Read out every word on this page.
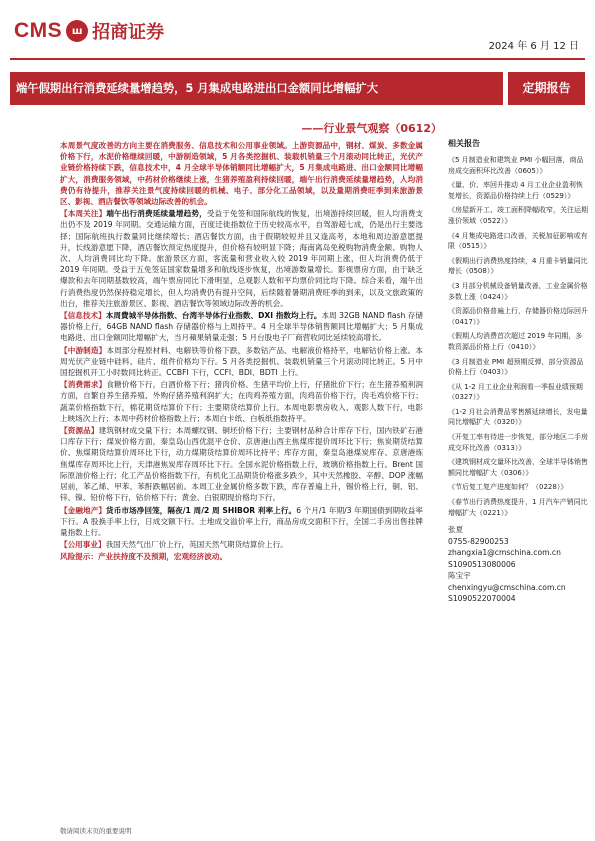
CMS ш 招商证券
2024 年 6 月 12 日
端午假期出行消费延续量增趋势，5 月集成电路进出口金额同比增幅扩大	定期报告
——行业景气观察（0612）

本周景气度改善的方向主要在消费服务、信息技术和公用事业领域。上游资源品中，钢材、煤炭、多数金属价格下行，水泥价格继续回暖，中游制造领域，5 月各类挖掘机、装载机销量三个月滚动同比转正，光伏产业链价格持续下跌，信息技术中，4 月全球半导体销额同比增幅扩大，5 月集成电路进、出口金额同比增幅扩大，消费服务领域，中药材价格继续上涨，生猪养殖盈利持续回暖，端午出行消费延续量增趋势，人均消费仍有待提升，推荐关注景气度持续回暖的机械、电子、部分化工品领域，以及量期消费旺季到来旅游景区、影视、酒店餐饮等领域边际改善的机会。

【本周关注】端午出行消费延续量增趋势，受益于免签和国际航线的恢复，出境游持续回暖，但人均消费支出仍不及 2019 年同期。交通运输方面，百度迁徙指数位于历史较高水平，自驾游超七成，仍是出行主要选择；国际航班执行数量同比继续增长；酒店餐饮方面，由于假期较短并且又逢高考，本地和周边游意愿提升，长线游意愿下降，酒店餐饮预定热度提升，但价格有较明显下降；海南离岛免税购物消费金额、购物人次、人均消费同比均下降。旅游景区方面，客流量和营业收入较 2019 年同期上涨，但人均消费仍低于 2019 年同期。受益于五免签证国家数量增多和航线逐步恢复，出境游数量增长。影视票房方面，由于缺乏爆款和去年同期基数较高，端午票房同比下滑明显，总观影人数和平均票价同比均下降。综合来看，端午出行消费热度仍然保持稳定增长，但人均消费仍有提升空间，后续随着暑期消费旺季的到来，以及文旅政策的出台，推荐关注旅游景区、影视、酒店餐饮等领域边际改善的机会。

【信息技术】本周費城半导体指数、台湾半导体行业指数、DXI 指数均上行。本周 32GB NAND flash 存储器价格上行，64GB NAND flash 存储器价格与上周持平。4 月全球半导体销售额同比增幅扩大；5 月集成电路进、出口金额同比增幅扩大，当月蘋果销量走强；5 月台股电子厂商营收同比延续较高增长。

【中游制造】本周部分程原材料、电解铁等价格下跌，多数钴产品、电解液价格持平，电解钴价格上涨。本周光伏产业链中硅料、硅片、组件价格均下行。5 月各类挖掘机、装载机销量三个月滚动同比转正。5 月中国挖掘机开工小时数同比转正。CCBFI 下行，CCFI、BDI、BDTI 上行。

【消费需求】食糖价格下行，白酒价格下行；猪肉价格、生猪平均价上行，仔猪批价下行；在生猪养殖利润方面，自繁自养生猪养殖、外购仔猪养殖利润扩大；在肉鸡养殖方面，肉鸡苗价格下行，肉毛鸡价格下行；蔬菜价格指数下行，棉花期货结算价下行；主要期货结算价上行。本周电影票房收入、观影人数下行，电影上映场次上行；本周中药材价格指数上行；本周白卡纸、白板纸指数持平。

【资源品】建筑钢材成交量下行；本周螺纹钢、铜坯价格下行；主要钢材品种合计库存下行，国内铁矿石港口库存下行；煤炭价格方面，秦皇岛山西优混平仓价、京唐港山西主焦煤库提价周环比下行；焦炭期货结算价、焦煤期货结算价周环比下行，动力煤期货结算价周环比持平；库存方面，秦皇岛港煤炭库存、京唐港炼焦煤库存周环比上行，天津港焦炭库存周环比下行。全国水泥价格指数上行，玻璃价格指数上行。Brent 国际原油价格上行；化工产品价格指数下行，有机化工品期货价格涨多跌少，其中天然橡胶、辛醇、DOP 涨幅居前，苯乙烯、甲苯、苯酐跌幅居前。本周工业金属价格多数下跌，库存普遍上升，锡价格上行，铜、铝、锌、镍、铅价格下行，钴价格下行；黄金、白银期现价格均下行。

【金融地产】货币市场净回笼，隔夜/1 周/2 周 SHIBOR 利率上行。6 个月/1 年期/3 年期国债到期收益率下行。A 股换手率上行，日成交额下行。土地成交溢价率上行，商品房成交面积下行，全国二手房出售挂牌量指数上行。

【公用事业】我国天然气出厂价上行，英国天然气期货结算价上行。

风险提示：产业扶持度不及预期，宏观经济波动。

相关报告
《5 月制造业和建筑业 PMI 小幅回落，商品房成交面积环比改善（0605）》
《量、价、率回升推动 4 月工业企业盈利恢复增长，资源品价格持续上行（0529）》
《房屋新开工、竣工面积降幅收窄，关注运期涨价领域（0522）》
《4 月集成电路进口改善，关税加征影响或有限（0515）》
《假期出行消费热度持续，4 月重卡销量同比增长（0508）》
《3 月部分机械设备销量改善，工业金属价格多数上涨（0424）》
《资源品价格普遍上行，存储器价格边际回升（0417）》
《假期人均消费首次超过 2019 年同期，多数资源品价格上行（0410）》
《3 月制造业 PMI 超预期反弹，部分资源品价格上行（0403）》
《从 1-2 月工业企业利润看一季报业绩预期（0327）》
《1-2 月社会消费品零售额延续增长，发电量同比增幅扩大（0320）》
《开复工率有待进一步恢复，部分地区二手房成交环比改善（0313）》
《建筑钢材成交量环比改善，全球半导体销售额同比增幅扩大（0306）》
《节后复工复产进度如何？（0228）》
《春节出行消费热度提升，1 月汽车产销同比增幅扩大（0221）》
张夏
0755-82900253
zhangxia1@cmschina.com.cn
S1090513080006
陈宝宇
chenxingyu@cmschina.com.cn
S1090522070004
敬请阅读末页的重要说明
